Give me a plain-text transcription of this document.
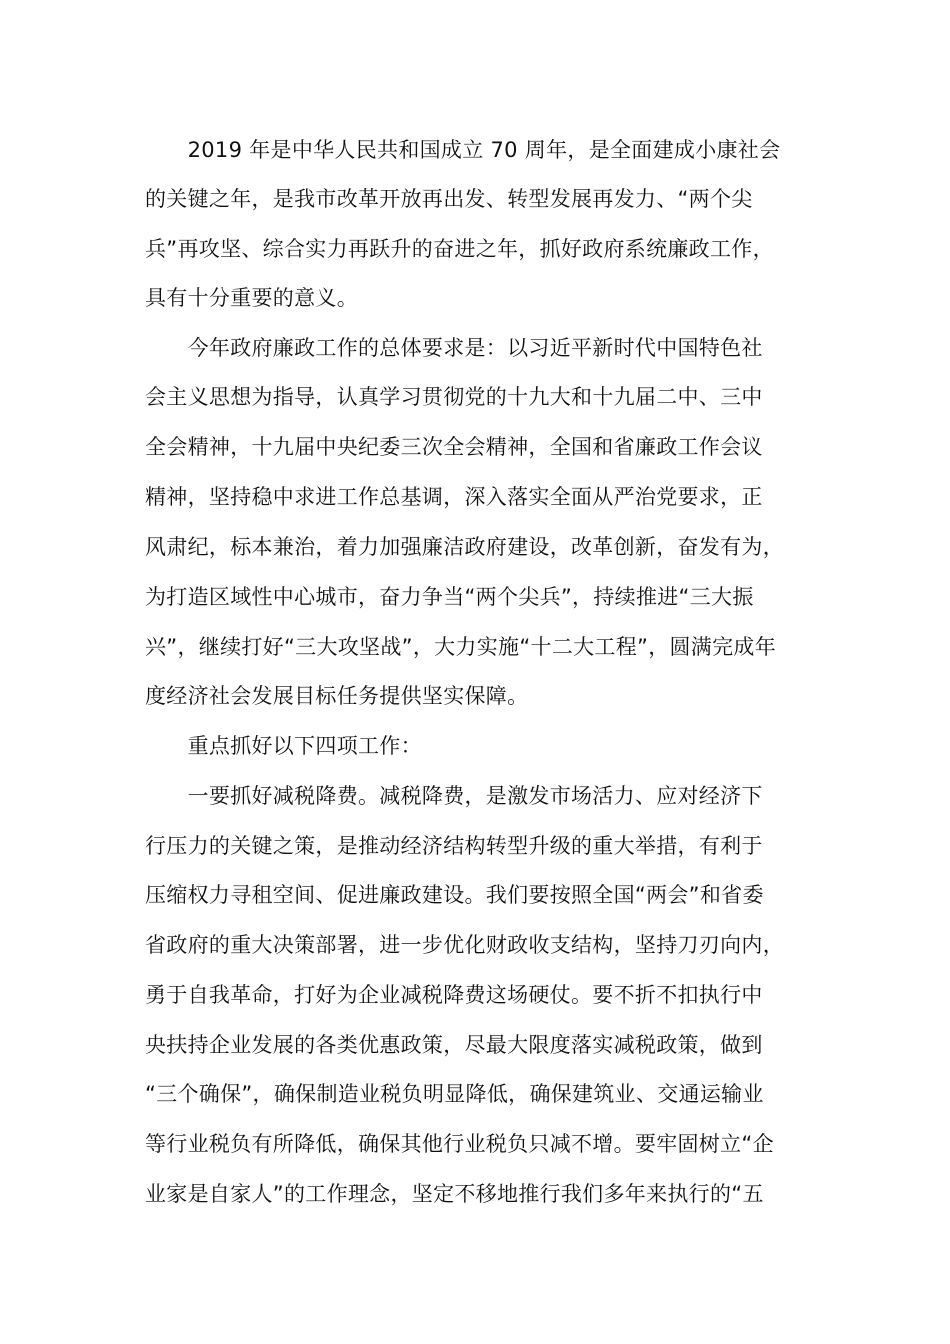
　　2019 年是中华人民共和国成立 70 周年，是全面建成小康社会
的关键之年，是我市改革开放再出发、转型发展再发力、“两个尖
兵”再攻坚、综合实力再跃升的奋进之年，抓好政府系统廉政工作，
具有十分重要的意义。
　　今年政府廉政工作的总体要求是：以习近平新时代中国特色社
会主义思想为指导，认真学习贯彻党的十九大和十九届二中、三中
全会精神，十九届中央纪委三次全会精神，全国和省廉政工作会议
精神，坚持稳中求进工作总基调，深入落实全面从严治党要求，正
风肃纪，标本兼治，着力加强廉洁政府建设，改革创新，奋发有为，
为打造区域性中心城市，奋力争当“两个尖兵”，持续推进“三大振
兴”，继续打好“三大攻坚战”，大力实施“十二大工程”，圆满完成年
度经济社会发展目标任务提供坚实保障。
　　重点抓好以下四项工作：
　　一要抓好减税降费。减税降费，是激发市场活力、应对经济下
行压力的关键之策，是推动经济结构转型升级的重大举措，有利于
压缩权力寻租空间、促进廉政建设。我们要按照全国“两会”和省委
省政府的重大决策部署，进一步优化财政收支结构，坚持刀刃向内，
勇于自我革命，打好为企业减税降费这场硬仗。要不折不扣执行中
央扶持企业发展的各类优惠政策，尽最大限度落实减税政策，做到
“三个确保”，确保制造业税负明显降低，确保建筑业、交通运输业
等行业税负有所降低，确保其他行业税负只减不增。要牢固树立“企
业家是自家人”的工作理念，坚定不移地推行我们多年来执行的“五
